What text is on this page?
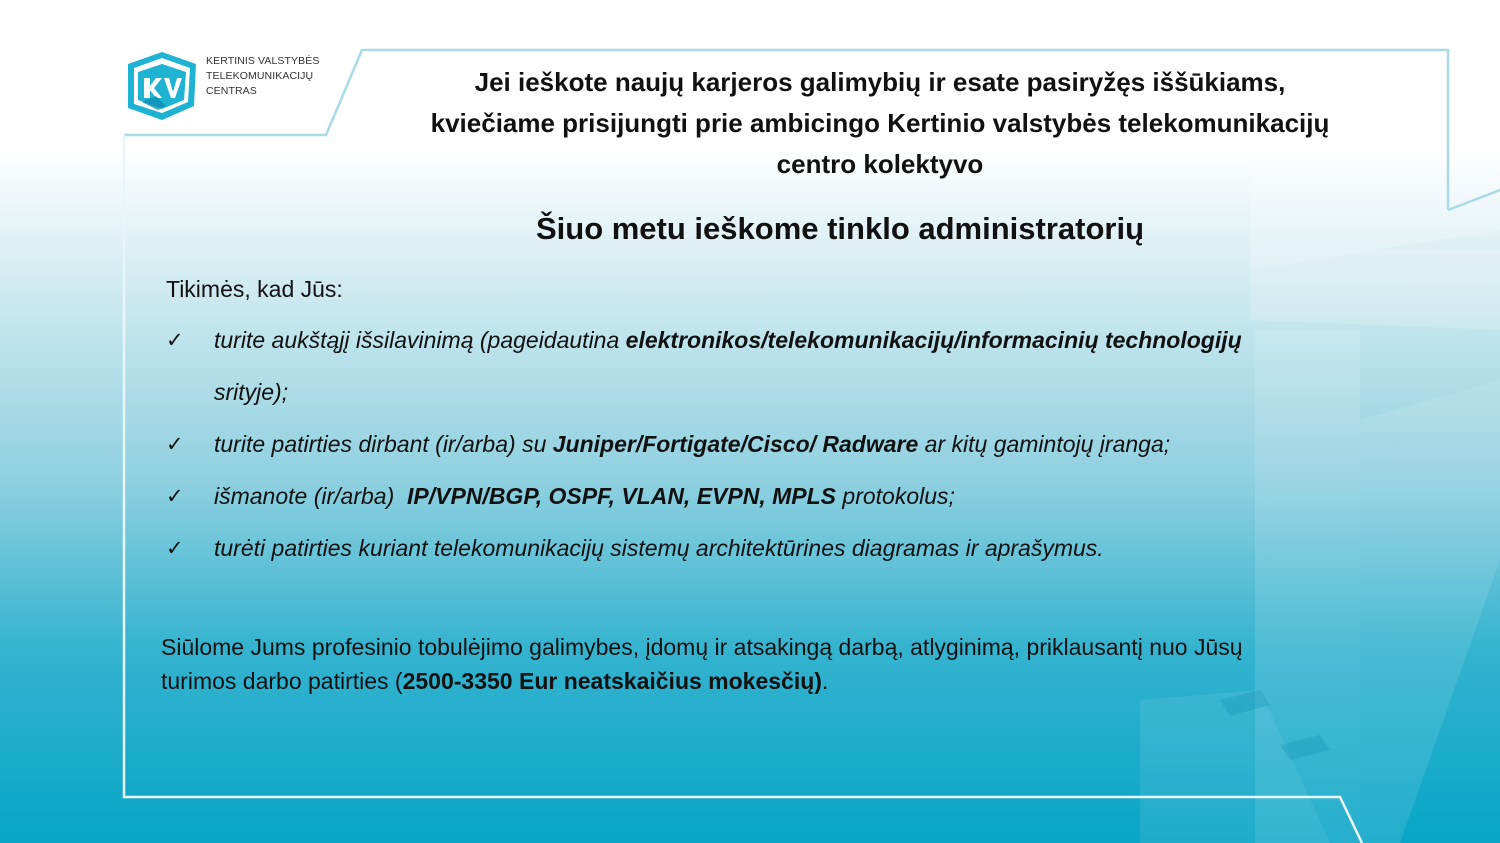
KERTINIS VALSTYBĖS
TELEKOMUNIKACIJŲ
CENTRAS	Jei ieškote naujų karjeros galimybių ir esate pasiryžęs iššūkiams,
kviečiame prisijungti prie ambicingo Kertinio valstybės telekomunikacijų
centro kolektyvo
Šiuo metu ieškome tinklo administratorių

Tikimės, kad Jūs:

✓ turite aukštąjį išsilavinimą (pageidautina elektronikos/telekomunikacijų/informacinių technologijų
srityje);
✓ turite patirties dirbant (ir/arba) su Juniper/Fortigate/Cisco/ Radware ar kitų gamintojų įranga;
✓ išmanote (ir/arba)  IP/VPN/BGP, OSPF, VLAN, EVPN, MPLS protokolus;
✓ turėti patirties kuriant telekomunikacijų sistemų architektūrines diagramas ir aprašymus.

Siūlome Jums profesinio tobulėjimo galimybes, įdomų ir atsakingą darbą, atlyginimą, priklausantį nuo Jūsų
turimos darbo patirties (2500-3350 Eur neatskaičius mokesčių).
